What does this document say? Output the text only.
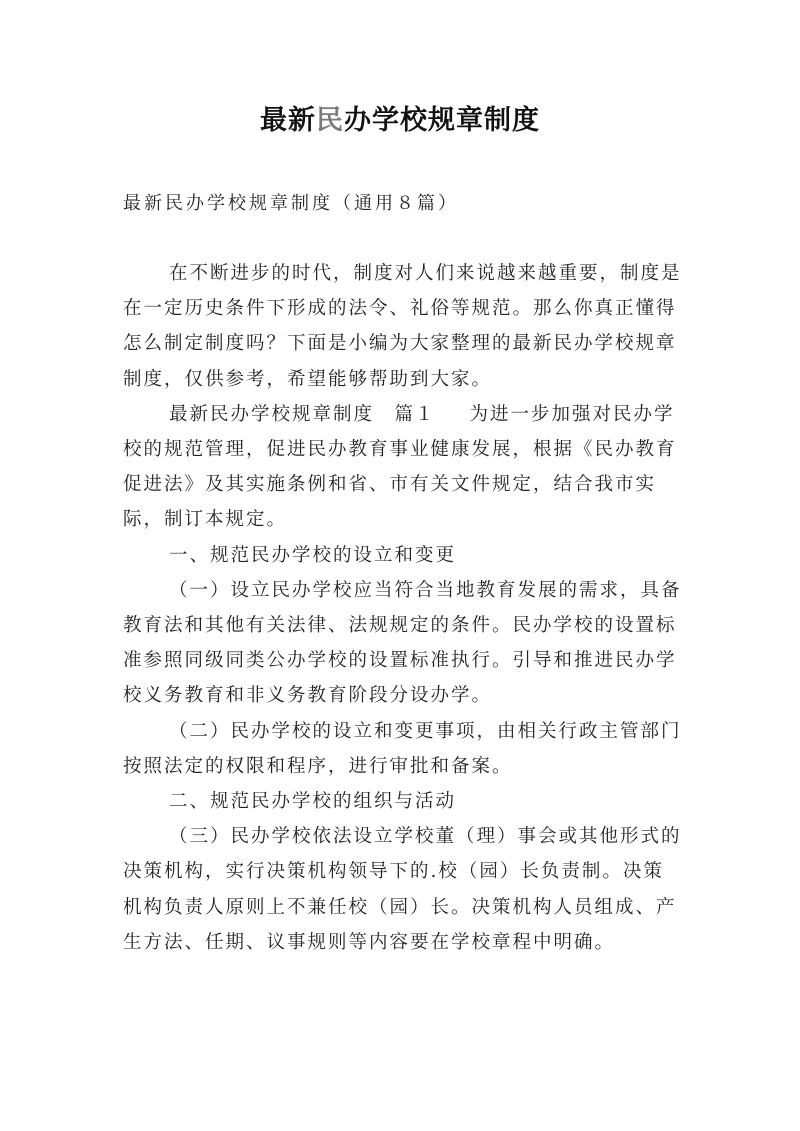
最新民办学校规章制度
最新民办学校规章制度（通用８篇）

在不断进步的时代，制度对人们来说越来越重要，制度是在一定历史条件下形成的法令、礼俗等规范。那么你真正懂得怎么制定制度吗？下面是小编为大家整理的最新民办学校规章制度，仅供参考，希望能够帮助到大家。

最新民办学校规章制度　篇１ 为进一步加强对民办学校的规范管理，促进民办教育事业健康发展，根据《民办教育促进法》及其实施条例和省、市有关文件规定，结合我市实际，制订本规定。

一、规范民办学校的设立和变更

（一）设立民办学校应当符合当地教育发展的需求，具备教育法和其他有关法律、法规规定的条件。民办学校的设置标准参照同级同类公办学校的设置标准执行。引导和推进民办学校义务教育和非义务教育阶段分设办学。

（二）民办学校的设立和变更事项，由相关行政主管部门按照法定的权限和程序，进行审批和备案。

二、规范民办学校的组织与活动

（三）民办学校依法设立学校董（理）事会或其他形式的决策机构，实行决策机构领导下的.校（园）长负责制。决策机构负责人原则上不兼任校（园）长。决策机构人员组成、产生方法、任期、议事规则等内容要在学校章程中明确。
